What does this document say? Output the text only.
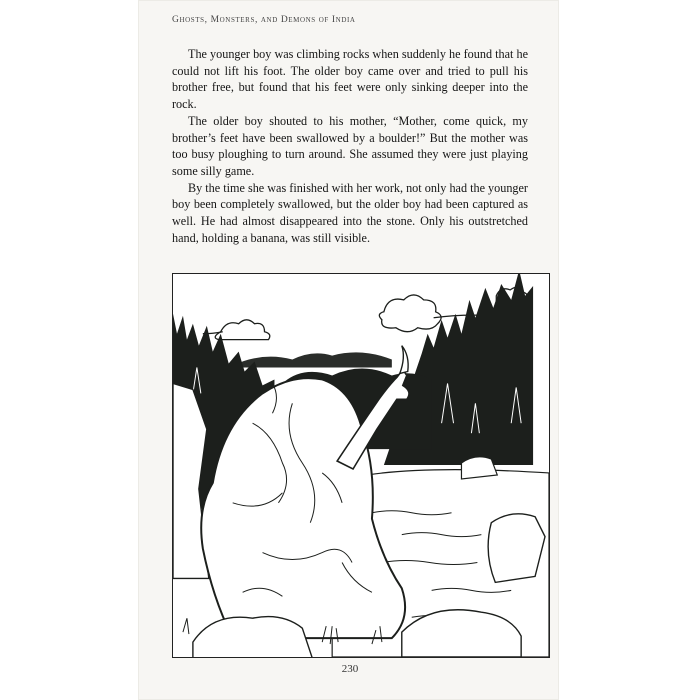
Ghosts, Monsters, and Demons of India

The younger boy was climbing rocks when suddenly he found that he could not lift his foot. The older boy came over and tried to pull his brother free, but found that his feet were only sinking deeper into the rock.

The older boy shouted to his mother, “Mother, come quick, my brother’s feet have been swallowed by a boulder!” But the mother was too busy ploughing to turn around. She assumed they were just playing some silly game.

By the time she was finished with her work, not only had the younger boy been completely swallowed, but the older boy had been captured as well. He had almost disappeared into the stone. Only his outstretched hand, holding a banana, was still visible.

230
